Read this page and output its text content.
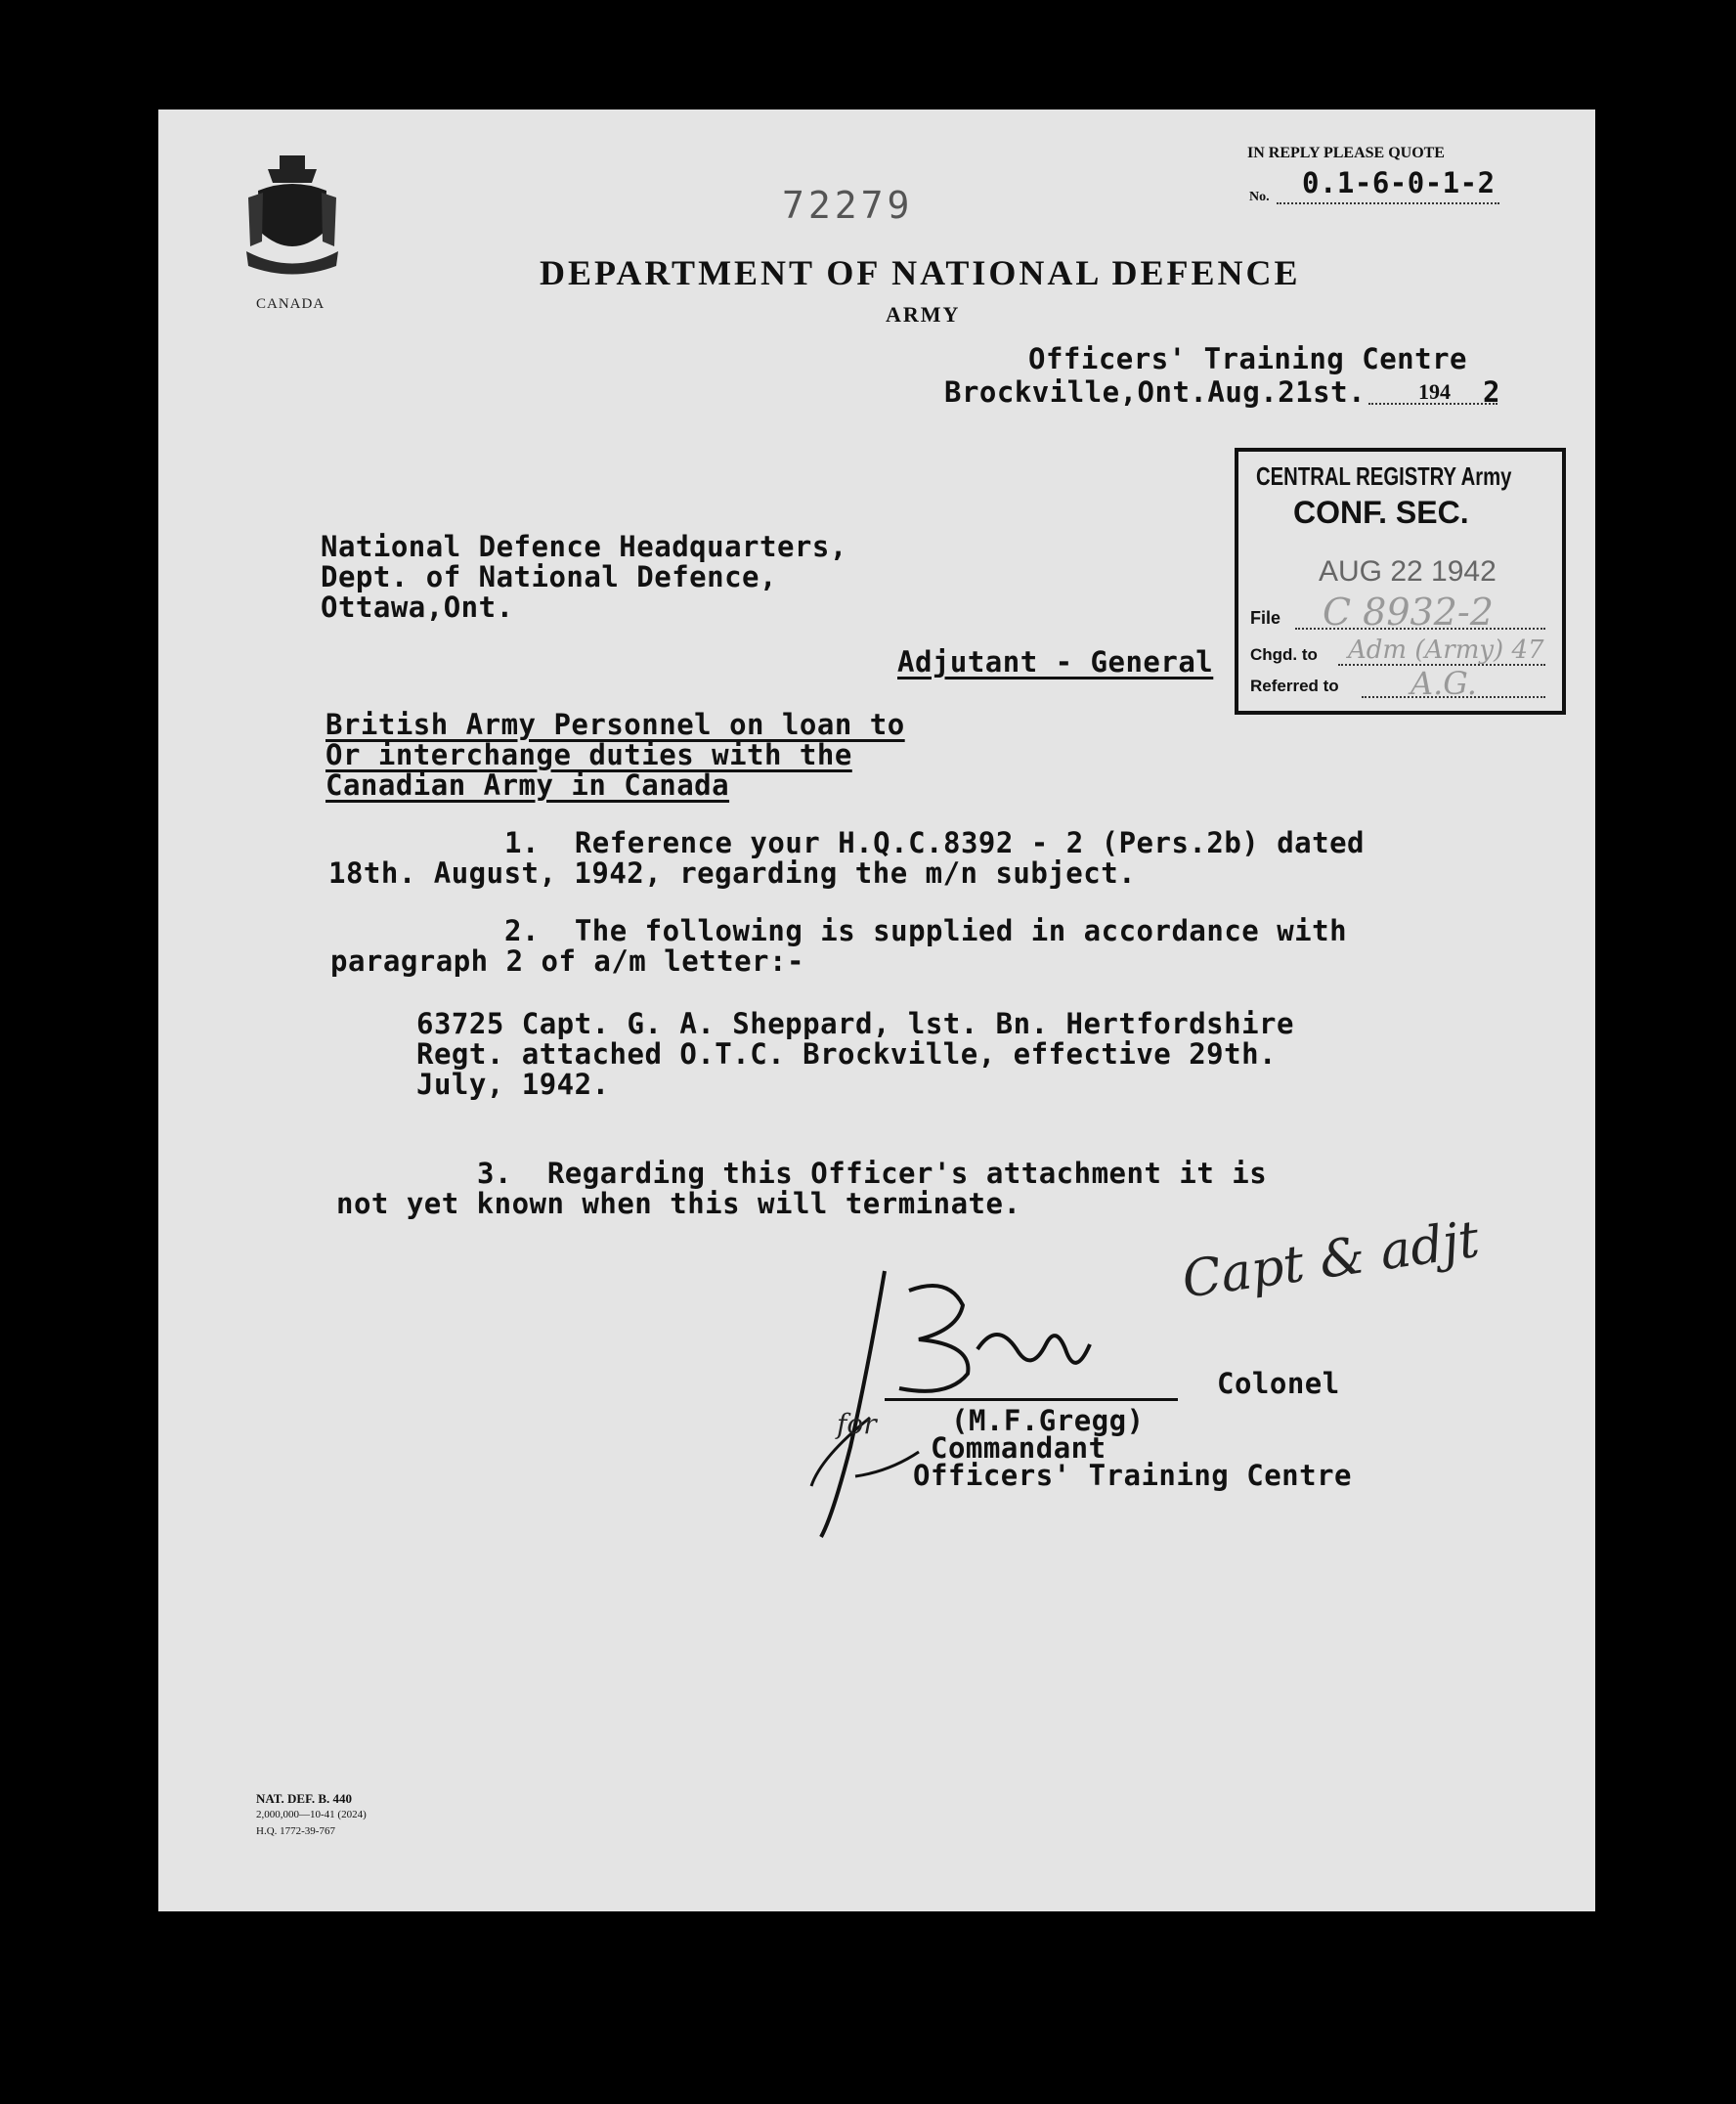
CANADA
72279
IN REPLY PLEASE QUOTE
No. 0.1-6-0-1-2
DEPARTMENT OF NATIONAL DEFENCE
ARMY
Officers' Training Centre
Brockville,Ont.Aug.21st. 194 2
National Defence Headquarters,
Dept. of National Defence,
Ottawa,Ont.
Adjutant - General
CENTRAL REGISTRY Army
CONF. SEC.
AUG 22 1942
File C 8932-2
Chgd. to Adm (Army) 47
Referred to A.G.
British Army Personnel on loan to
Or interchange duties with the
Canadian Army in Canada
1.  Reference your H.Q.C.8392 - 2 (Pers.2b) dated
18th. August, 1942, regarding the m/n subject.
2.  The following is supplied in accordance with
paragraph 2 of a/m letter:-
63725 Capt. G. A. Sheppard, lst. Bn. Hertfordshire
Regt. attached O.T.C. Brockville, effective 29th.
July, 1942.
3.  Regarding this Officer's attachment it is
not yet known when this will terminate.
for
Capt & adjt
Colonel
(M.F.Gregg)
Commandant
Officers' Training Centre
NAT. DEF. B. 440
2,000,000—10-41 (2024)
H.Q. 1772-39-767
